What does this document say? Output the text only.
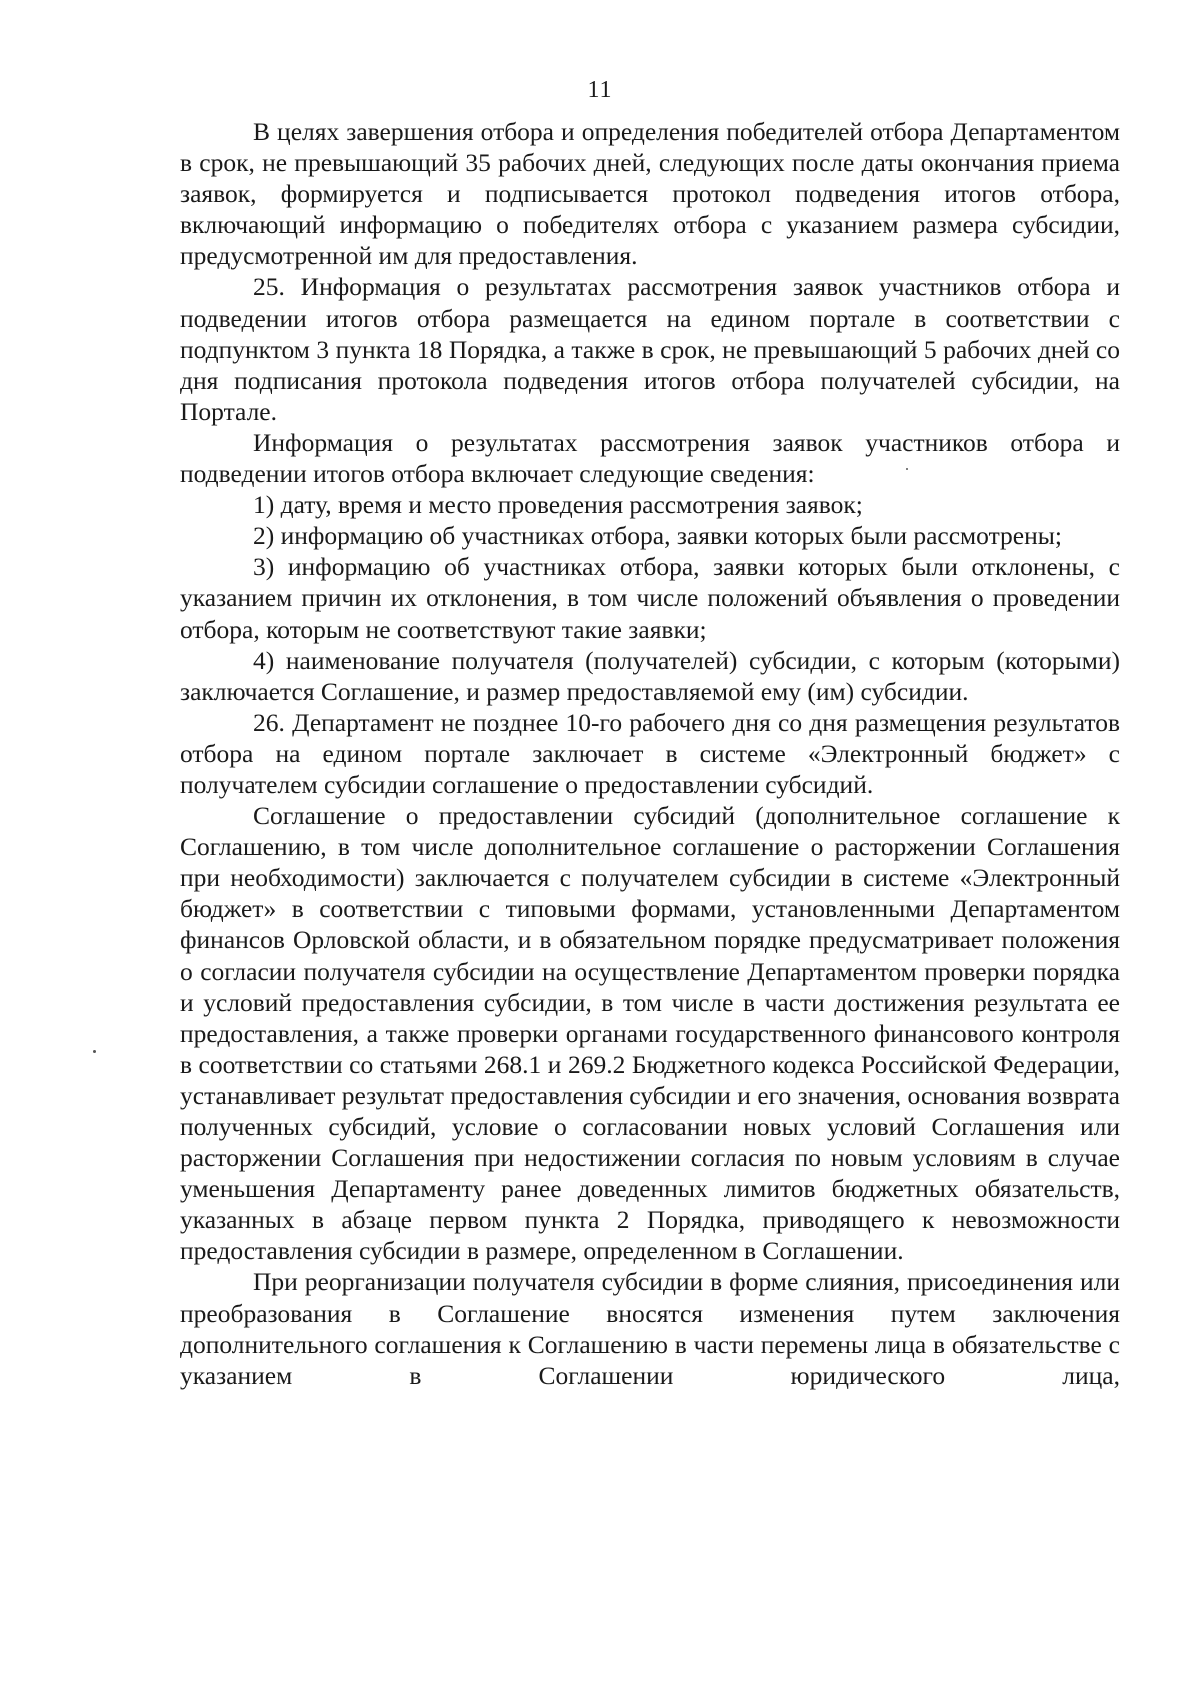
11

В целях завершения отбора и определения победителей отбора Департаментом в срок, не превышающий 35 рабочих дней, следующих после даты окончания приема заявок, формируется и подписывается протокол подведения итогов отбора, включающий информацию о победителях отбора с указанием размера субсидии, предусмотренной им для предоставления.

25. Информация о результатах рассмотрения заявок участников отбора и подведении итогов отбора размещается на едином портале в соответствии с подпунктом 3 пункта 18 Порядка, а также в срок, не превышающий 5 рабочих дней со дня подписания протокола подведения итогов отбора получателей субсидии, на Портале.

Информация о результатах рассмотрения заявок участников отбора и подведении итогов отбора включает следующие сведения:

1) дату, время и место проведения рассмотрения заявок;

2) информацию об участниках отбора, заявки которых были рассмотрены;

3) информацию об участниках отбора, заявки которых были отклонены, с указанием причин их отклонения, в том числе положений объявления о проведении отбора, которым не соответствуют такие заявки;

4) наименование получателя (получателей) субсидии, с которым (которыми) заключается Соглашение, и размер предоставляемой ему (им) субсидии.

26. Департамент не позднее 10-го рабочего дня со дня размещения результатов отбора на едином портале заключает в системе «Электронный бюджет» с получателем субсидии соглашение о предоставлении субсидий.

Соглашение о предоставлении субсидий (дополнительное соглашение к Соглашению, в том числе дополнительное соглашение о расторжении Соглашения при необходимости) заключается с получателем субсидии в системе «Электронный бюджет» в соответствии с типовыми формами, установленными Департаментом финансов Орловской области, и в обязательном порядке предусматривает положения о согласии получателя субсидии на осуществление Департаментом проверки порядка и условий предоставления субсидии, в том числе в части достижения результата ее предоставления, а также проверки органами государственного финансового контроля в соответствии со статьями 268.1 и 269.2 Бюджетного кодекса Российской Федерации, устанавливает результат предоставления субсидии и его значения, основания возврата полученных субсидий, условие о согласовании новых условий Соглашения или расторжении Соглашения при недостижении согласия по новым условиям в случае уменьшения Департаменту ранее доведенных лимитов бюджетных обязательств, указанных в абзаце первом пункта 2 Порядка, приводящего к невозможности предоставления субсидии в размере, определенном в Соглашении.

При реорганизации получателя субсидии в форме слияния, присоединения или преобразования в Соглашение вносятся изменения путем заключения дополнительного соглашения к Соглашению в части перемены лица в обязательстве с указанием в Соглашении юридического лица,
